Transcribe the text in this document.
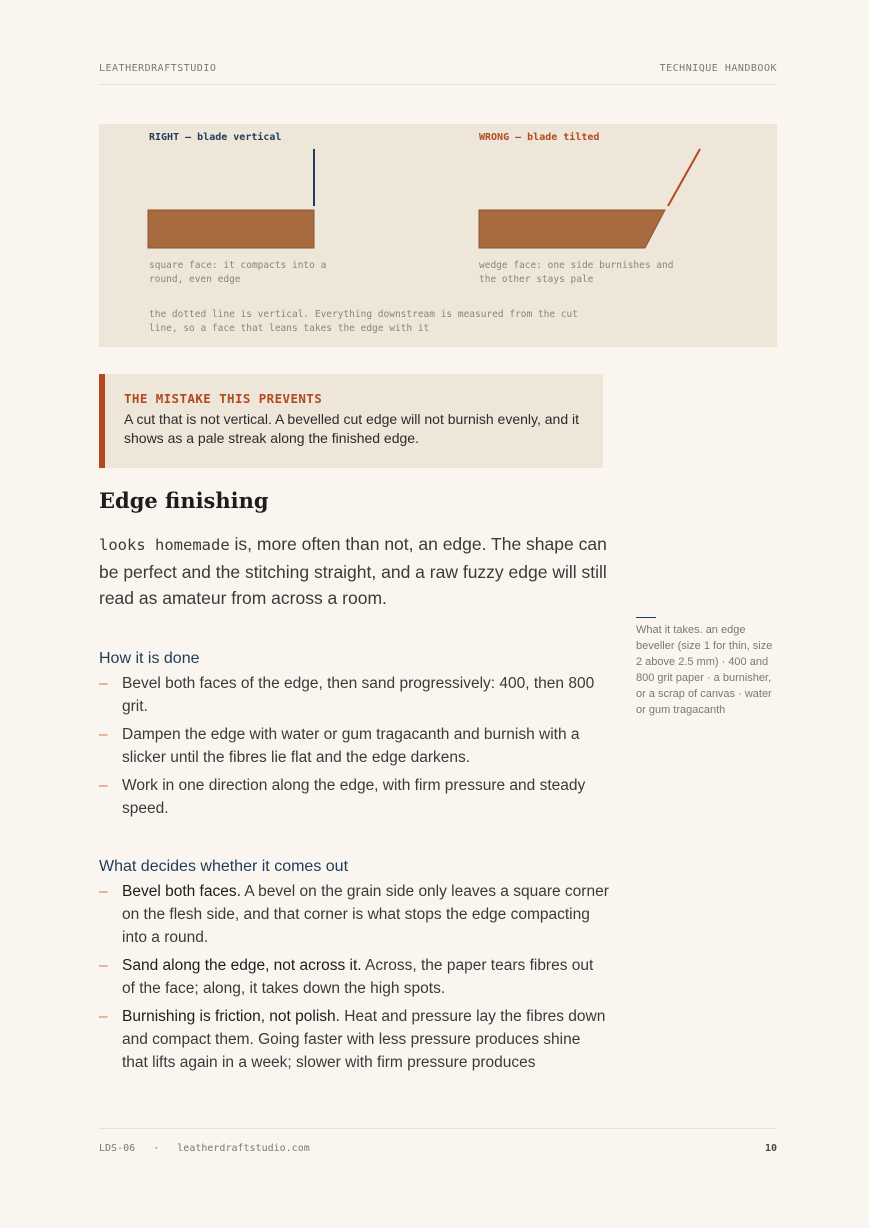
LEATHERDRAFTSTUDIO	TECHNIQUE HANDBOOK
RIGHT — blade vertical	WRONG — blade tilted
square face: it compacts into a
round, even edge
wedge face: one side burnishes and
the other stays pale
the dotted line is vertical. Everything downstream is measured from the cut
line, so a face that leans takes the edge with it
THE MISTAKE THIS PREVENTS
A cut that is not vertical. A bevelled cut edge will not burnish evenly, and it shows as a pale streak along the finished edge.
Edge finishing
looks homemade is, more often than not, an edge. The shape can be perfect and the stitching straight, and a raw fuzzy edge will still read as amateur from across a room.
How it is done
– Bevel both faces of the edge, then sand progressively: 400, then 800 grit.
– Dampen the edge with water or gum tragacanth and burnish with a slicker until the fibres lie flat and the edge darkens.
– Work in one direction along the edge, with firm pressure and steady speed.
What decides whether it comes out
– Bevel both faces. A bevel on the grain side only leaves a square corner on the flesh side, and that corner is what stops the edge compacting into a round.
– Sand along the edge, not across it. Across, the paper tears fibres out of the face; along, it takes down the high spots.
– Burnishing is friction, not polish. Heat and pressure lay the fibres down and compact them. Going faster with less pressure produces shine that lifts again in a week; slower with firm pressure produces
What it takes. an edge beveller (size 1 for thin, size 2 above 2.5 mm) · 400 and 800 grit paper · a burnisher, or a scrap of canvas · water or gum tragacanth
LDS-06 · leatherdraftstudio.com	10
